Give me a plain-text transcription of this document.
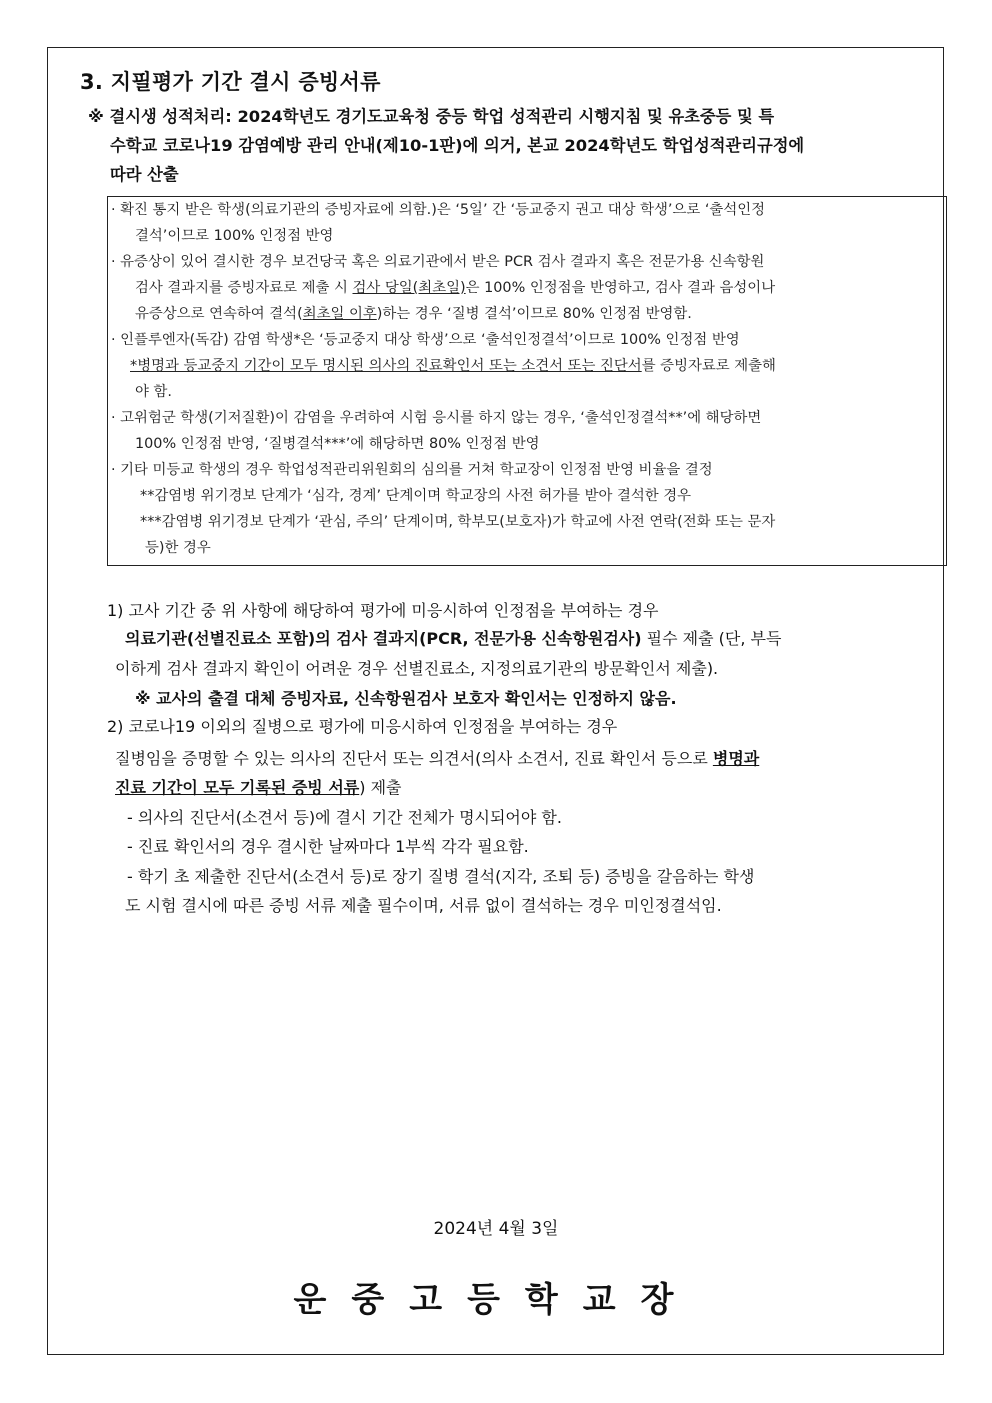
3. 지필평가 기간 결시 증빙서류
※ 결시생 성적처리: 2024학년도 경기도교육청 중등 학업 성적관리 시행지침 및 유초중등 및 특
수학교 코로나19 감염예방 관리 안내(제10-1판)에 의거, 본교 2024학년도 학업성적관리규정에
따라 산출
· 확진 통지 받은 학생(의료기관의 증빙자료에 의함.)은 ‘5일’ 간 ‘등교중지 권고 대상 학생’으로 ‘출석인정
결석’이므로 100% 인정점 반영
· 유증상이 있어 결시한 경우 보건당국 혹은 의료기관에서 받은 PCR 검사 결과지 혹은 전문가용 신속항원
검사 결과지를 증빙자료로 제출 시 검사 당일(최초일)은 100% 인정점을 반영하고, 검사 결과 음성이나
유증상으로 연속하여 결석(최초일 이후)하는 경우 ‘질병 결석’이므로 80% 인정점 반영함.
· 인플루엔자(독감) 감염 학생*은 ‘등교중지 대상 학생’으로 ‘출석인정결석’이므로 100% 인정점 반영
*병명과 등교중지 기간이 모두 명시된 의사의 진료확인서 또는 소견서 또는 진단서를 증빙자료로 제출해
야 함.
· 고위험군 학생(기저질환)이 감염을 우려하여 시험 응시를 하지 않는 경우, ‘출석인정결석**’에 해당하면
100% 인정점 반영, ‘질병결석***’에 해당하면 80% 인정점 반영
· 기타 미등교 학생의 경우 학업성적관리위원회의 심의를 거쳐 학교장이 인정점 반영 비율을 결정
**감염병 위기경보 단계가 ‘심각, 경계’ 단계이며 학교장의 사전 허가를 받아 결석한 경우
***감염병 위기경보 단계가 ‘관심, 주의’ 단계이며, 학부모(보호자)가 학교에 사전 연락(전화 또는 문자
등)한 경우
1) 고사 기간 중 위 사항에 해당하여 평가에 미응시하여 인정점을 부여하는 경우
의료기관(선별진료소 포함)의 검사 결과지(PCR, 전문가용 신속항원검사) 필수 제출 (단, 부득
이하게 검사 결과지 확인이 어려운 경우 선별진료소, 지정의료기관의 방문확인서 제출).
※ 교사의 출결 대체 증빙자료, 신속항원검사 보호자 확인서는 인정하지 않음.
2) 코로나19 이외의 질병으로 평가에 미응시하여 인정점을 부여하는 경우
질병임을 증명할 수 있는 의사의 진단서 또는 의견서(의사 소견서, 진료 확인서 등으로 병명과
진료 기간이 모두 기록된 증빙 서류) 제출
- 의사의 진단서(소견서 등)에 결시 기간 전체가 명시되어야 함.
- 진료 확인서의 경우 결시한 날짜마다 1부씩 각각 필요함.
- 학기 초 제출한 진단서(소견서 등)로 장기 질병 결석(지각, 조퇴 등) 증빙을 갈음하는 학생
도 시험 결시에 따른 증빙 서류 제출 필수이며, 서류 없이 결석하는 경우 미인정결석임.
2024년 4월 3일
운중고등학교장
